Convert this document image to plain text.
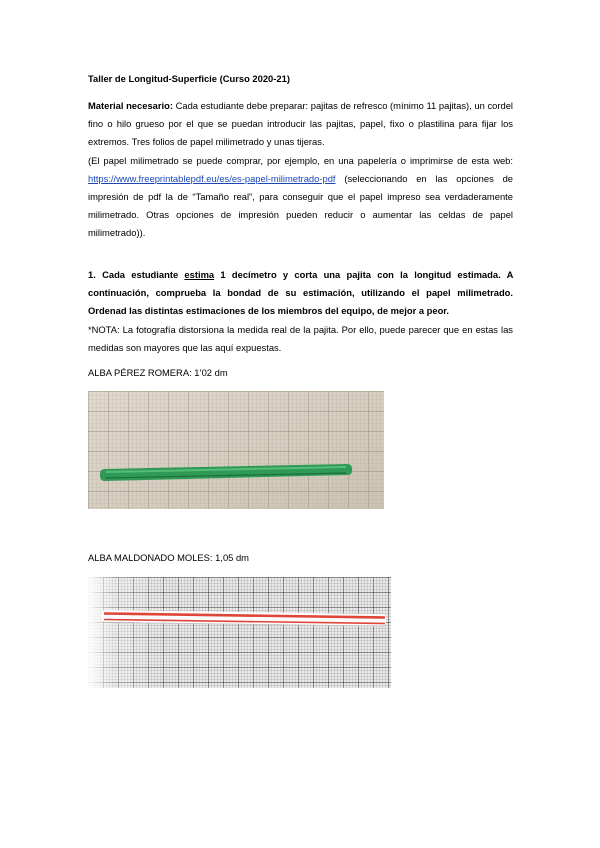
Taller de Longitud-Superficie (Curso 2020-21)
Material necesario: Cada estudiante debe preparar: pajitas de refresco (mínimo 11 pajitas), un cordel fino o hilo grueso por el que se puedan introducir las pajitas, papel, fixo o plastilina para fijar los extremos. Tres folios de papel milimetrado y unas tijeras.
(El papel milimetrado se puede comprar, por ejemplo, en una papelería o imprimirse de esta web: https://www.freeprintablepdf.eu/es/es-papel-milimetrado-pdf (seleccionando en las opciones de impresión de pdf la de “Tamaño real”, para conseguir que el papel impreso sea verdaderamente milimetrado. Otras opciones de impresión pueden reducir o aumentar las celdas de papel milimetrado)).
1. Cada estudiante estima 1 decímetro y corta una pajita con la longitud estimada. A continuación, comprueba la bondad de su estimación, utilizando el papel milimetrado. Ordenad las distintas estimaciones de los miembros del equipo, de mejor a peor.
*NOTA: La fotografía distorsiona la medida real de la pajita. Por ello, puede parecer que en estas las medidas son mayores que las aquí expuestas.
ALBA PÉREZ ROMERA: 1’02 dm
ALBA MALDONADO MOLES: 1,05 dm
